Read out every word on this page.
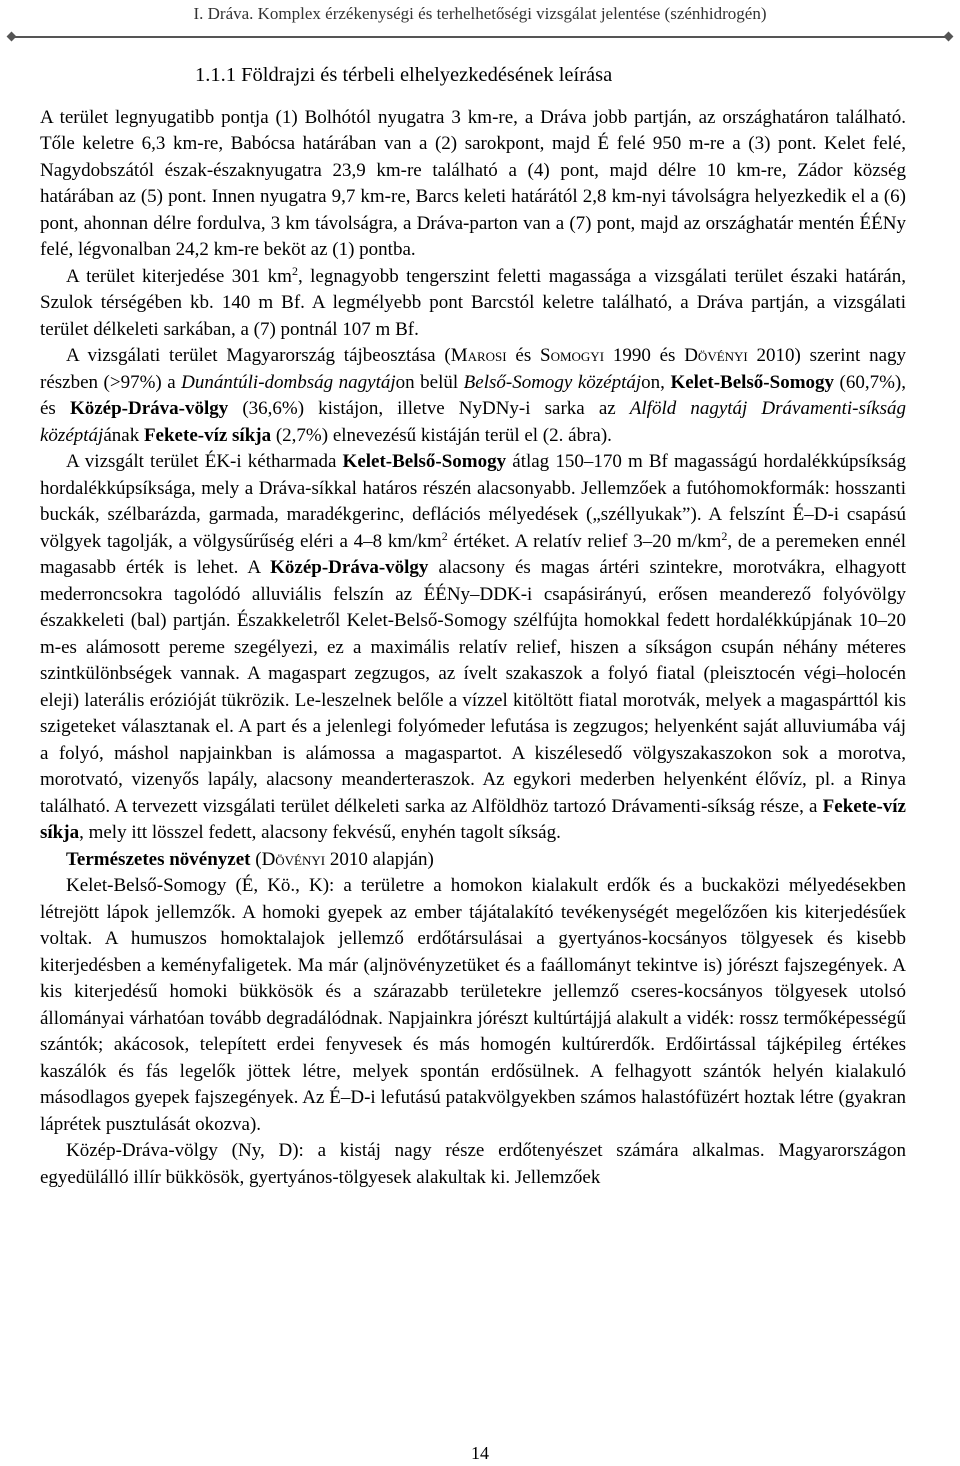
I. Dráva. Komplex érzékenységi és terhelhetőségi vizsgálat jelentése (szénhidrogén)
1.1.1 Földrajzi és térbeli elhelyezkedésének leírása

A terület legnyugatibb pontja (1) Bolhótól nyugatra 3 km-re, a Dráva jobb partján, az országhatáron található. Tőle keletre 6,3 km-re, Babócsa határában van a (2) sarokpont, majd É felé 950 m-re a (3) pont. Kelet felé, Nagydobszától észak-északnyugatra 23,9 km-re található a (4) pont, majd délre 10 km-re, Zádor község határában az (5) pont. Innen nyugatra 9,7 km-re, Barcs keleti határától 2,8 km-nyi távolságra helyezkedik el a (6) pont, ahonnan délre fordulva, 3 km távolságra, a Dráva-parton van a (7) pont, majd az országhatár mentén ÉÉNy felé, légvonalban 24,2 km-re beköt az (1) pontba.

A terület kiterjedése 301 $km^2$, legnagyobb tengerszint feletti magassága a vizsgálati terület északi határán, Szulok térségében kb. 140 m Bf. A legmélyebb pont Barcstól keletre található, a Dráva partján, a vizsgálati terület délkeleti sarkában, a (7) pontnál 107 m Bf.

A vizsgálati terület Magyarország tájbeosztása (Marosi és Somogyi 1990 és Dövényi 2010) szerint nagy részben (>97%) a Dunántúli-dombság nagytájon belül Belső-Somogy középtájon, Kelet-Belső-Somogy (60,7%), és Közép-Dráva-völgy (36,6%) kistájon, illetve NyDNy-i sarka az Alföld nagytáj Drávamenti-síkság középtájának Fekete-víz síkja (2,7%) elnevezésű kistáján terül el (2. ábra).

A vizsgált terület ÉK-i kétharmada Kelet-Belső-Somogy átlag 150–170 m Bf magasságú hordalékkúpsíkság hordalékkúpsíksága, mely a Dráva-síkkal határos részén alacsonyabb. Jellemzőek a futóhomokformák: hosszanti buckák, szélbarázda, garmada, maradékgerinc, deflációs mélyedések („széllyukak”). A felszínt É–D-i csapású völgyek tagolják, a völgysűrűség eléri a 4–8 $km/km^2$ értéket. A relatív relief 3–20 $m/km^2$, de a peremeken ennél magasabb érték is lehet. A Közép-Dráva-völgy alacsony és magas ártéri szintekre, morotvákra, elhagyott mederroncsokra tagolódó alluviális felszín az ÉÉNy–DDK-i csapásirányú, erősen meanderező folyóvölgy északkeleti (bal) partján. Északkeletről Kelet-Belső-Somogy szélfújta homokkal fedett hordalékkúpjának 10–20 m-es alámosott pereme szegélyezi, ez a maximális relatív relief, hiszen a síkságon csupán néhány méteres szintkülönbségek vannak. A magaspart zegzugos, az ívelt szakaszok a folyó fiatal (pleisztocén végi–holocén eleji) laterális erózióját tükrözik. Le-leszelnek belőle a vízzel kitöltött fiatal morotvák, melyek a magaspárttól kis szigeteket választanak el. A part és a jelenlegi folyómeder lefutása is zegzugos; helyenként saját alluviumába váj a folyó, máshol napjainkban is alámossa a magaspartot. A kiszélesedő völgyszakaszokon sok a morotva, morotvató, vizenyős lapály, alacsony meanderteraszok. Az egykori mederben helyenként élővíz, pl. a Rinya található. A tervezett vizsgálati terület délkeleti sarka az Alföldhöz tartozó Drávamenti-síkság része, a Fekete-víz síkja, mely itt lösszel fedett, alacsony fekvésű, enyhén tagolt síkság.

Természetes növényzet (Dövényi 2010 alapján)

Kelet-Belső-Somogy (É, Kö., K): a területre a homokon kialakult erdők és a buckaközi mélyedésekben létrejött lápok jellemzők. A homoki gyepek az ember tájátalakító tevékenységét megelőzően kis kiterjedésűek voltak. A humuszos homoktalajok jellemző erdőtársulásai a gyertyános-kocsányos tölgyesek és kisebb kiterjedésben a keményfaligetek. Ma már (aljnövényzetüket és a faállományt tekintve is) jórészt fajszegények. A kis kiterjedésű homoki bükkösök és a szárazabb területekre jellemző cseres-kocsányos tölgyesek utolsó állományai várhatóan tovább degradálódnak. Napjainkra jórészt kultúrtájjá alakult a vidék: rossz termőképességű szántók; akácosok, telepített erdei fenyvesek és más homogén kultúrerdők. Erdőirtással tájképileg értékes kaszálók és fás legelők jöttek létre, melyek spontán erdősülnek. A felhagyott szántók helyén kialakuló másodlagos gyepek fajszegények. Az É–D-i lefutású patakvölgyekben számos halastófüzért hoztak létre (gyakran láprétek pusztulását okozva).

Közép-Dráva-völgy (Ny, D): a kistáj nagy része erdőtenyészet számára alkalmas. Magyarországon egyedülálló illír bükkösök, gyertyános-tölgyesek alakultak ki. Jellemzőek

14
